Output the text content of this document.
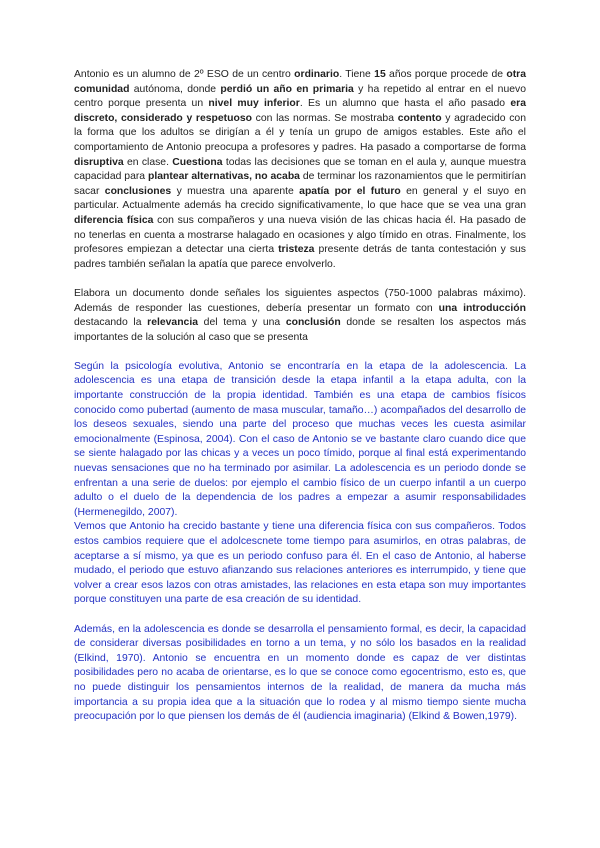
Antonio es un alumno de 2º ESO de un centro ordinario. Tiene 15 años porque procede de otra comunidad autónoma, donde perdió un año en primaria y ha repetido al entrar en el nuevo centro porque presenta un nivel muy inferior. Es un alumno que hasta el año pasado era discreto, considerado y respetuoso con las normas. Se mostraba contento y agradecido con la forma que los adultos se dirigían a él y tenía un grupo de amigos estables. Este año el comportamiento de Antonio preocupa a profesores y padres. Ha pasado a comportarse de forma disruptiva en clase. Cuestiona todas las decisiones que se toman en el aula y, aunque muestra capacidad para plantear alternativas, no acaba de terminar los razonamientos que le permitirían sacar conclusiones y muestra una aparente apatía por el futuro en general y el suyo en particular. Actualmente además ha crecido significativamente, lo que hace que se vea una gran diferencia física con sus compañeros y una nueva visión de las chicas hacia él. Ha pasado de no tenerlas en cuenta a mostrarse halagado en ocasiones y algo tímido en otras. Finalmente, los profesores empiezan a detectar una cierta tristeza presente detrás de tanta contestación y sus padres también señalan la apatía que parece envolverlo.

Elabora un documento donde señales los siguientes aspectos (750-1000 palabras máximo). Además de responder las cuestiones, debería presentar un formato con una introducción destacando la relevancia del tema y una conclusión donde se resalten los aspectos más importantes de la solución al caso que se presenta

Según la psicología evolutiva, Antonio se encontraría en la etapa de la adolescencia. La adolescencia es una etapa de transición desde la etapa infantil a la etapa adulta, con la importante construcción de la propia identidad. También es una etapa de cambios físicos conocido como pubertad (aumento de masa muscular, tamaño…) acompañados del desarrollo de los deseos sexuales, siendo una parte del proceso que muchas veces les cuesta asimilar emocionalmente (Espinosa, 2004). Con el caso de Antonio se ve bastante claro cuando dice que se siente halagado por las chicas y a veces un poco tímido, porque al final está experimentando nuevas sensaciones que no ha terminado por asimilar. La adolescencia es un periodo donde se enfrentan a una serie de duelos: por ejemplo el cambio físico de un cuerpo infantil a un cuerpo adulto o el duelo de la dependencia de los padres a empezar a asumir responsabilidades (Hermenegildo, 2007).

Vemos que Antonio ha crecido bastante y tiene una diferencia física con sus compañeros. Todos estos cambios requiere que el adolcescnete tome tiempo para asumirlos, en otras palabras, de aceptarse a sí mismo, ya que es un periodo confuso para él. En el caso de Antonio, al haberse mudado, el periodo que estuvo afianzando sus relaciones anteriores es interrumpido, y tiene que volver a crear esos lazos con otras amistades, las relaciones en esta etapa son muy importantes porque constituyen una parte de esa creación de su identidad.

Además, en la adolescencia es donde se desarrolla el pensamiento formal, es decir, la capacidad de considerar diversas posibilidades en torno a un tema, y no sólo los basados en la realidad (Elkind, 1970). Antonio se encuentra en un momento donde es capaz de ver distintas posibilidades pero no acaba de orientarse, es lo que se conoce como egocentrismo, esto es, que no puede distinguir los pensamientos internos de la realidad, de manera da mucha más importancia a su propia idea que a la situación que lo rodea y al mismo tiempo siente mucha preocupación por lo que piensen los demás de él (audiencia imaginaria) (Elkind & Bowen,1979).
